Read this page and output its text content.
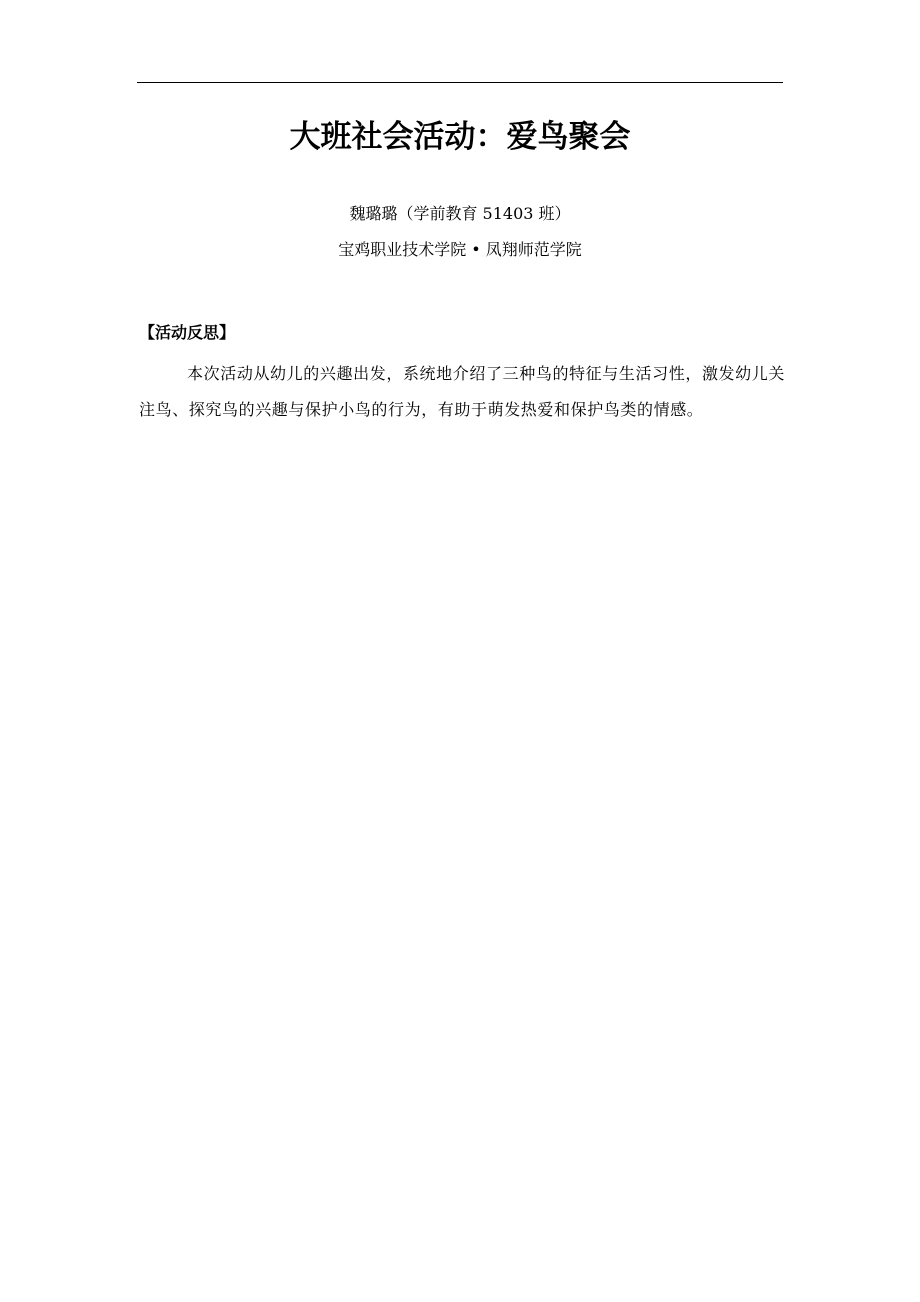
大班社会活动：爱鸟聚会
魏璐璐（学前教育 51403 班）
宝鸡职业技术学院 • 凤翔师范学院
【活动反思】

本次活动从幼儿的兴趣出发，系统地介绍了三种鸟的特征与生活习性，激发幼儿关注鸟、探究鸟的兴趣与保护小鸟的行为，有助于萌发热爱和保护鸟类的情感。
